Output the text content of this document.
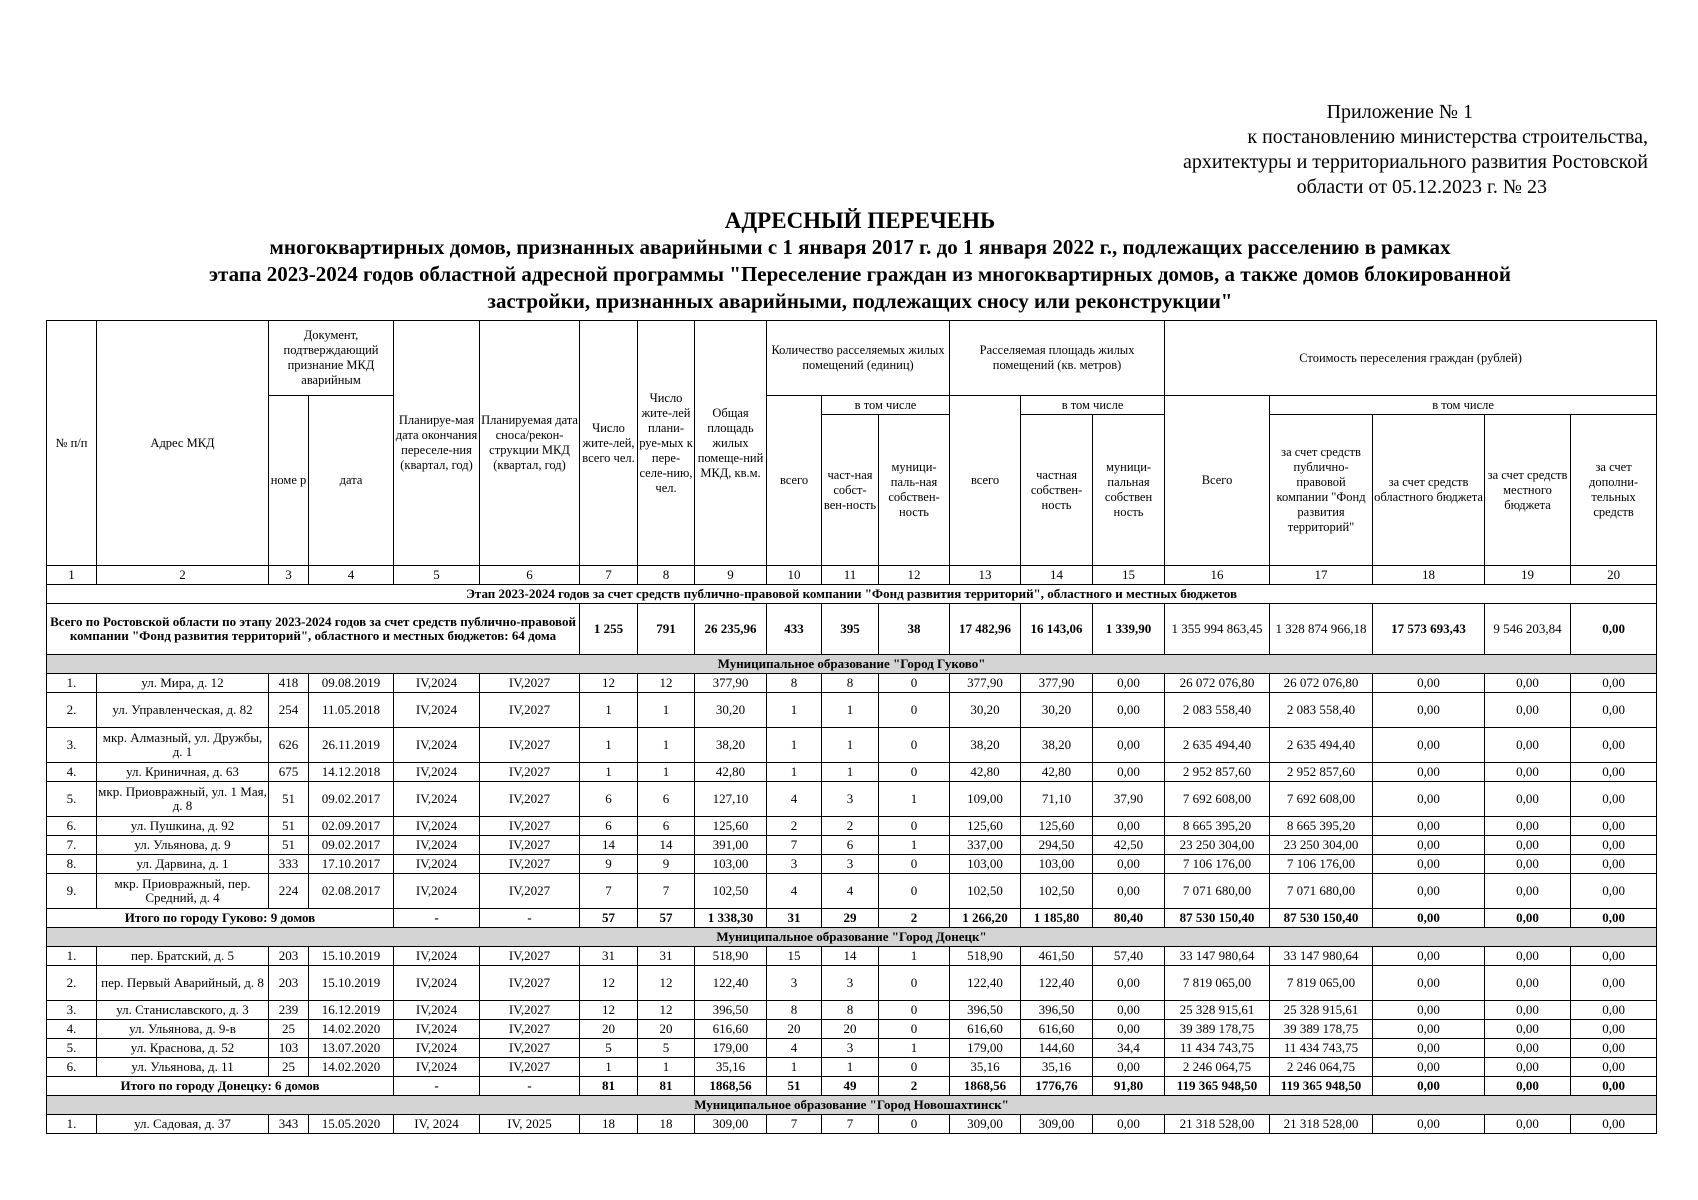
Приложение № 1
к постановлению министерства строительства,
архитектуры и территориального развития Ростовской
области от 05.12.2023 г. № 23
АДРЕСНЫЙ ПЕРЕЧЕНЬ
многоквартирных домов, признанных аварийными с 1 января 2017 г. до 1 января 2022 г., подлежащих расселению в рамках
этапа 2023-2024 годов областной адресной программы "Переселение граждан из многоквартирных домов, а также домов блокированной
застройки, признанных аварийными, подлежащих сносу или реконструкции"
№ п/п	Адрес МКД	Документ, подтверждающий признание МКД аварийным		Планируе-мая дата окончания переселе-ния (квартал, год)	Планируемая дата сноса/рекон-струкции МКД (квартал, год)	Число жите-лей, всего чел.	Число жите-лей плани-руе-мых к пере-селе-нию, чел.	Общая площадь жилых помеще-ний МКД, кв.м.	Количество расселяемых жилых помещений (единиц)			Расселяемая площадь жилых помещений (кв. метров)			Стоимость переселения граждан (рублей)				
		номе р	дата						всего	в том числе		всего	в том числе		Всего	в том числе			
										част-ная собст-вен-ность	муници-паль-ная собствен-ность		частная собствен-ность	муници-пальная собствен ность		за счет средств публично-правовой компании "Фонд развития территорий"	за счет средств областного бюджета	за счет средств местного бюджета	за счет дополни-тельных средств
1	2	3	4	5	6	7	8	9	10	11	12	13	14	15	16	17	18	19	20
Этап 2023-2024 годов за счет средств публично-правовой компании "Фонд развития территорий", областного и местных бюджетов																			
Всего по Ростовской области по этапу 2023-2024 годов за счет средств публично-правовой компании "Фонд развития территорий", областного и местных бюджетов: 64 дома						1 255	791	26 235,96	433	395	38	17 482,96	16 143,06	1 339,90	1 355 994 863,45	1 328 874 966,18	17 573 693,43	9 546 203,84	0,00
Муниципальное образование "Город Гуково"																			
1.	ул. Мира, д. 12	418	09.08.2019	IV,2024	IV,2027	12	12	377,90	8	8	0	377,90	377,90	0,00	26 072 076,80	26 072 076,80	0,00	0,00	0,00
2.	ул. Управленческая, д. 82	254	11.05.2018	IV,2024	IV,2027	1	1	30,20	1	1	0	30,20	30,20	0,00	2 083 558,40	2 083 558,40	0,00	0,00	0,00
3.	мкр. Алмазный, ул. Дружбы, д. 1	626	26.11.2019	IV,2024	IV,2027	1	1	38,20	1	1	0	38,20	38,20	0,00	2 635 494,40	2 635 494,40	0,00	0,00	0,00
4.	ул. Криничная, д. 63	675	14.12.2018	IV,2024	IV,2027	1	1	42,80	1	1	0	42,80	42,80	0,00	2 952 857,60	2 952 857,60	0,00	0,00	0,00
5.	мкр. Приовражный, ул. 1 Мая, д. 8	51	09.02.2017	IV,2024	IV,2027	6	6	127,10	4	3	1	109,00	71,10	37,90	7 692 608,00	7 692 608,00	0,00	0,00	0,00
6.	ул. Пушкина, д. 92	51	02.09.2017	IV,2024	IV,2027	6	6	125,60	2	2	0	125,60	125,60	0,00	8 665 395,20	8 665 395,20	0,00	0,00	0,00
7.	ул. Ульянова, д. 9	51	09.02.2017	IV,2024	IV,2027	14	14	391,00	7	6	1	337,00	294,50	42,50	23 250 304,00	23 250 304,00	0,00	0,00	0,00
8.	ул. Дарвина, д. 1	333	17.10.2017	IV,2024	IV,2027	9	9	103,00	3	3	0	103,00	103,00	0,00	7 106 176,00	7 106 176,00	0,00	0,00	0,00
9.	мкр. Приовражный, пер. Средний, д. 4	224	02.08.2017	IV,2024	IV,2027	7	7	102,50	4	4	0	102,50	102,50	0,00	7 071 680,00	7 071 680,00	0,00	0,00	0,00
Итого по городу Гуково: 9 домов				-	-	57	57	1 338,30	31	29	2	1 266,20	1 185,80	80,40	87 530 150,40	87 530 150,40	0,00	0,00	0,00
Муниципальное образование "Город Донецк"																			
1.	пер. Братский, д. 5	203	15.10.2019	IV,2024	IV,2027	31	31	518,90	15	14	1	518,90	461,50	57,40	33 147 980,64	33 147 980,64	0,00	0,00	0,00
2.	пер. Первый Аварийный, д. 8	203	15.10.2019	IV,2024	IV,2027	12	12	122,40	3	3	0	122,40	122,40	0,00	7 819 065,00	7 819 065,00	0,00	0,00	0,00
3.	ул. Станиславского, д. 3	239	16.12.2019	IV,2024	IV,2027	12	12	396,50	8	8	0	396,50	396,50	0,00	25 328 915,61	25 328 915,61	0,00	0,00	0,00
4.	ул. Ульянова, д. 9-в	25	14.02.2020	IV,2024	IV,2027	20	20	616,60	20	20	0	616,60	616,60	0,00	39 389 178,75	39 389 178,75	0,00	0,00	0,00
5.	ул. Краснова, д. 52	103	13.07.2020	IV,2024	IV,2027	5	5	179,00	4	3	1	179,00	144,60	34,4	11 434 743,75	11 434 743,75	0,00	0,00	0,00
6.	ул. Ульянова, д. 11	25	14.02.2020	IV,2024	IV,2027	1	1	35,16	1	1	0	35,16	35,16	0,00	2 246 064,75	2 246 064,75	0,00	0,00	0,00
Итого по городу Донецку: 6 домов				-	-	81	81	1868,56	51	49	2	1868,56	1776,76	91,80	119 365 948,50	119 365 948,50	0,00	0,00	0,00
Муниципальное образование "Город Новошахтинск"																			
1.	ул. Садовая, д. 37	343	15.05.2020	IV, 2024	IV, 2025	18	18	309,00	7	7	0	309,00	309,00	0,00	21 318 528,00	21 318 528,00	0,00	0,00	0,00
